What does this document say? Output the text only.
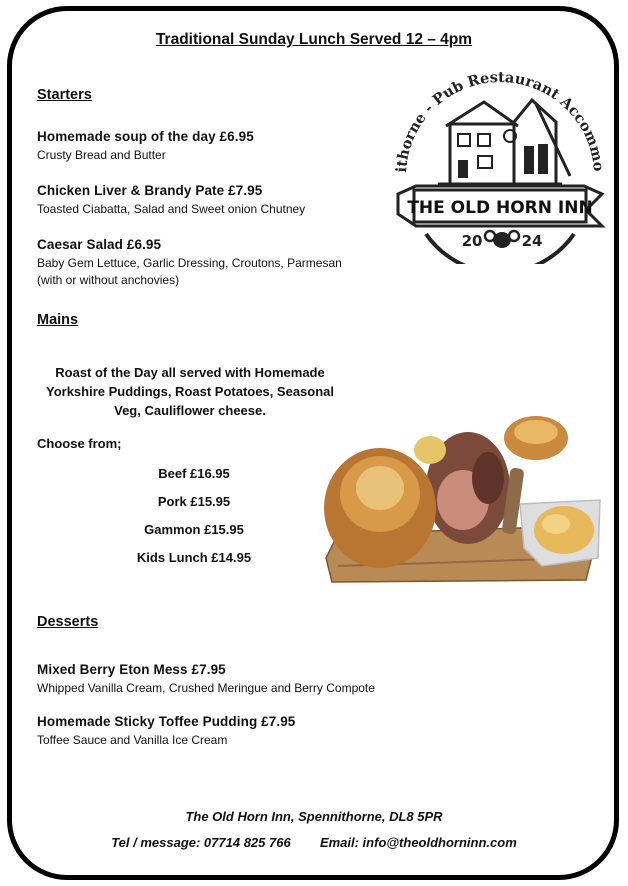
Traditional Sunday Lunch Served 12 – 4pm
Starters
Homemade soup of the day £6.95
Crusty Bread and Butter
Chicken Liver & Brandy Pate £7.95
Toasted Ciabatta, Salad and Sweet onion Chutney
Caesar Salad £6.95
Baby Gem Lettuce, Garlic Dressing, Croutons, Parmesan
(with or without anchovies)
ithorne - Pub Restaurant Accommo
THE OLD HORN INN
20	24
Mains
Roast of the Day all served with Homemade
Yorkshire Puddings, Roast Potatoes, Seasonal
Veg, Cauliflower cheese.
Choose from;
Beef £16.95
Pork £15.95
Gammon £15.95
Kids Lunch £14.95
Desserts
Mixed Berry Eton Mess £7.95
Whipped Vanilla Cream, Crushed Meringue and Berry Compote
Homemade Sticky Toffee Pudding £7.95
Toffee Sauce and Vanilla Ice Cream
The Old Horn Inn, Spennithorne, DL8 5PR
Tel / message: 07714 825 766 Email: info@theoldhorninn.com
